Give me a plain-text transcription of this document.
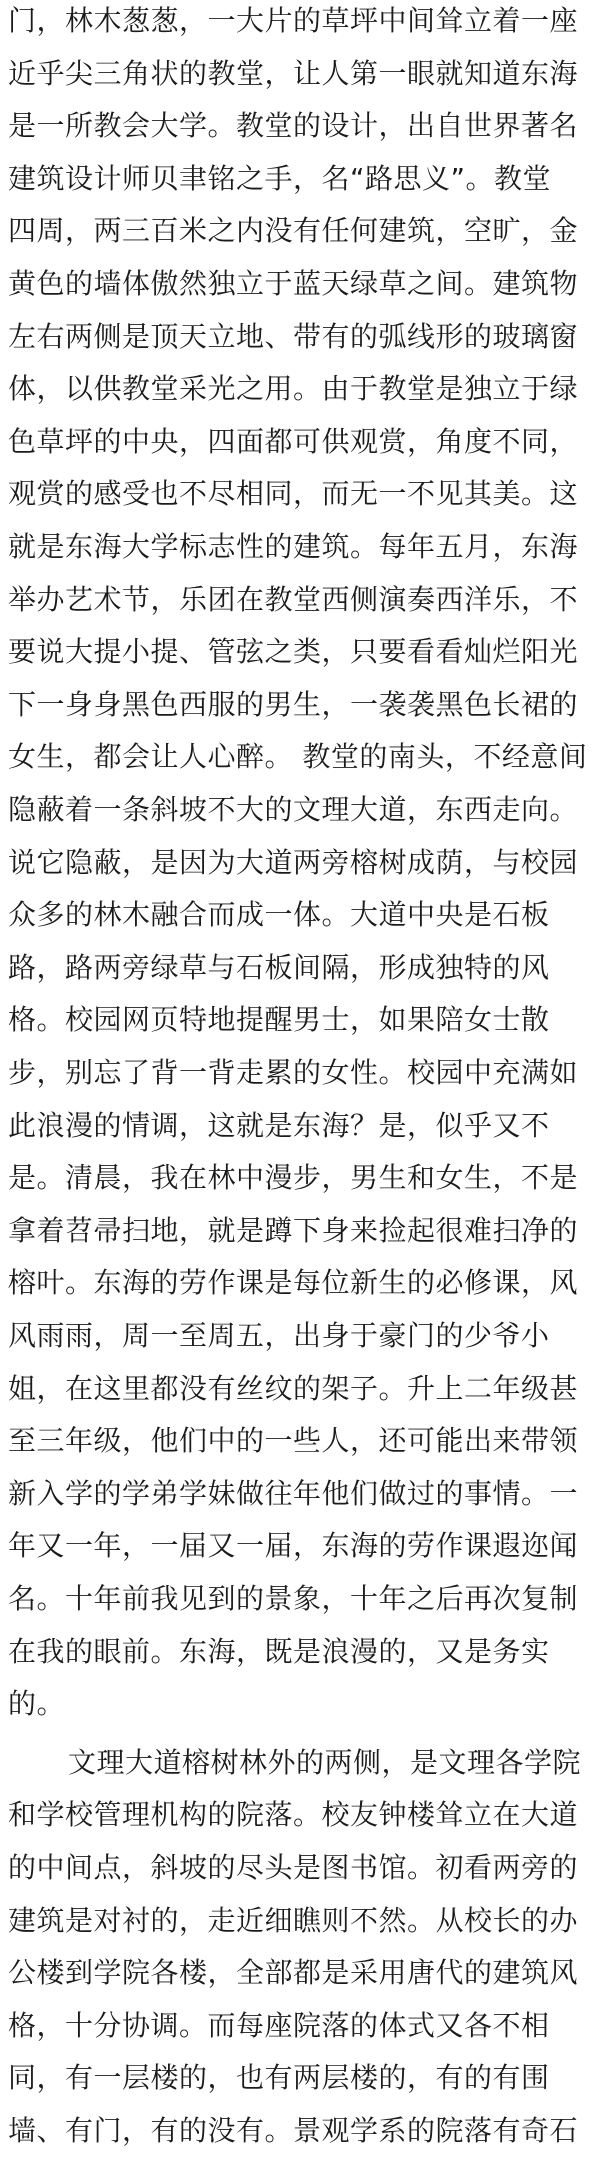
门，林木葱葱，一大片的草坪中间耸立着一座
近乎尖三角状的教堂，让人第一眼就知道东海
是一所教会大学。教堂的设计，出自世界著名
建筑设计师贝聿铭之手，名“路思义”。教堂
四周，两三百米之内没有任何建筑，空旷，金
黄色的墙体傲然独立于蓝天绿草之间。建筑物
左右两侧是顶天立地、带有的弧线形的玻璃窗
体，以供教堂采光之用。由于教堂是独立于绿
色草坪的中央，四面都可供观赏，角度不同，
观赏的感受也不尽相同，而无一不见其美。这
就是东海大学标志性的建筑。每年五月，东海
举办艺术节，乐团在教堂西侧演奏西洋乐，不
要说大提小提、管弦之类，只要看看灿烂阳光
下一身身黑色西服的男生，一袭袭黑色长裙的
女生，都会让人心醉。 教堂的南头，不经意间
隐蔽着一条斜坡不大的文理大道，东西走向。
说它隐蔽，是因为大道两旁榕树成荫，与校园
众多的林木融合而成一体。大道中央是石板
路，路两旁绿草与石板间隔，形成独特的风
格。校园网页特地提醒男士，如果陪女士散
步，别忘了背一背走累的女性。校园中充满如
此浪漫的情调，这就是东海？是，似乎又不
是。清晨，我在林中漫步，男生和女生，不是
拿着苕帚扫地，就是蹲下身来捡起很难扫净的
榕叶。东海的劳作课是每位新生的必修课，风
风雨雨，周一至周五，出身于豪门的少爷小
姐，在这里都没有丝纹的架子。升上二年级甚
至三年级，他们中的一些人，还可能出来带领
新入学的学弟学妹做往年他们做过的事情。一
年又一年，一届又一届，东海的劳作课遐迩闻
名。十年前我见到的景象，十年之后再次复制
在我的眼前。东海，既是浪漫的，又是务实
的。
文理大道榕树林外的两侧，是文理各学院
和学校管理机构的院落。校友钟楼耸立在大道
的中间点，斜坡的尽头是图书馆。初看两旁的
建筑是对衬的，走近细瞧则不然。从校长的办
公楼到学院各楼，全部都是采用唐代的建筑风
格，十分协调。而每座院落的体式又各不相
同，有一层楼的，也有两层楼的，有的有围
墙、有门，有的没有。景观学系的院落有奇石
